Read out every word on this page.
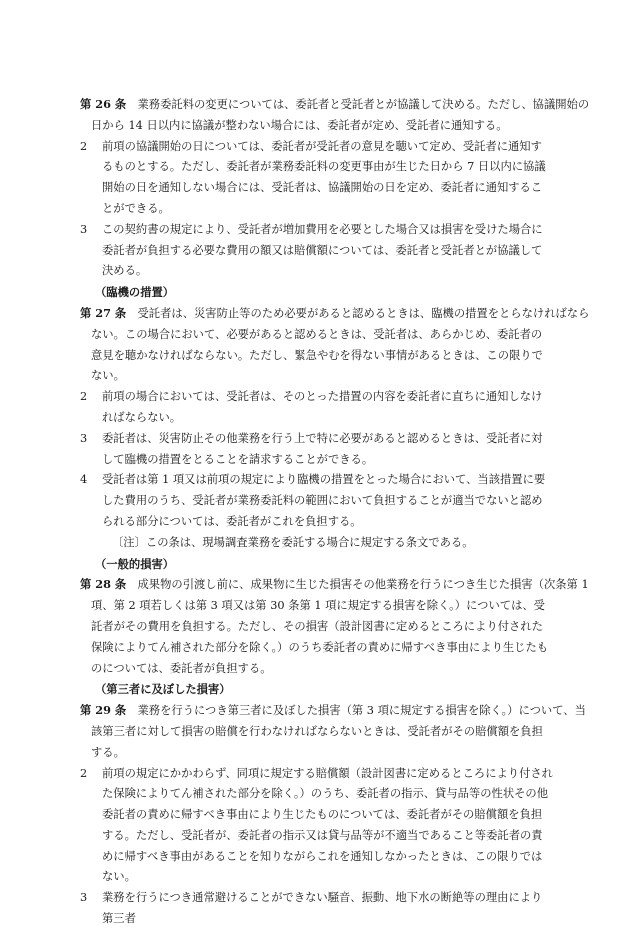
第 26 条　 業務委託料の変更については、委託者と受託者とが協議して決める。ただし、協議開始の
日から 14 日以内に協議が整わない場合には、委託者が定め、受託者に通知する。
2	前項の協議開始の日については、委託者が受託者の意見を聴いて定め、受託者に通知するものとする。ただし、委託者が業務委託料の変更事由が生じた日から 7 日以内に協議開始の日を通知しない場合には、受託者は、協議開始の日を定め、委託者に通知することができる。
3	この契約書の規定により、受託者が増加費用を必要とした場合又は損害を受けた場合に委託者が負担する必要な費用の額又は賠償額については、委託者と受託者とが協議して決める。
（臨機の措置）
第 27 条　 受託者は、災害防止等のため必要があると認めるときは、臨機の措置をとらなければなら
ない。この場合において、必要があると認めるときは、受託者は、あらかじめ、委託者の意見を聴かなければならない。ただし、緊急やむを得ない事情があるときは、この限りでない。
2	前項の場合においては、受託者は、そのとった措置の内容を委託者に直ちに通知しなければならない。
3	委託者は、災害防止その他業務を行う上で特に必要があると認めるときは、受託者に対して臨機の措置をとることを請求することができる。
4	受託者は第 1 項又は前項の規定により臨機の措置をとった場合において、当該措置に要した費用のうち、受託者が業務委託料の範囲において負担することが適当でないと認められる部分については、委託者がこれを負担する。
〔注〕この条は、現場調査業務を委託する場合に規定する条文である。
（一般的損害）
第 28 条　 成果物の引渡し前に、成果物に生じた損害その他業務を行うにつき生じた損害（次条第 1
項、第 2 項若しくは第 3 項又は第 30 条第 1 項に規定する損害を除く。）については、受託者がその費用を負担する。ただし、その損害（設計図書に定めるところにより付された保険によりてん補された部分を除く。）のうち委託者の責めに帰すべき事由により生じたものについては、委託者が負担する。
（第三者に及ぼした損害）
第 29 条　 業務を行うにつき第三者に及ぼした損害（第 3 項に規定する損害を除く。）について、当
該第三者に対して損害の賠償を行わなければならないときは、受託者がその賠償額を負担する。
2	前項の規定にかかわらず、同項に規定する賠償額（設計図書に定めるところにより付された保険によりてん補された部分を除く。）のうち、委託者の指示、貸与品等の性状その他委託者の責めに帰すべき事由により生じたものについては、委託者がその賠償額を負担する。ただし、受託者が、委託者の指示又は貸与品等が不適当であること等委託者の責めに帰すべき事由があることを知りながらこれを通知しなかったときは、この限りではない。
3	業務を行うにつき通常避けることができない騒音、振動、地下水の断絶等の理由により第三者
